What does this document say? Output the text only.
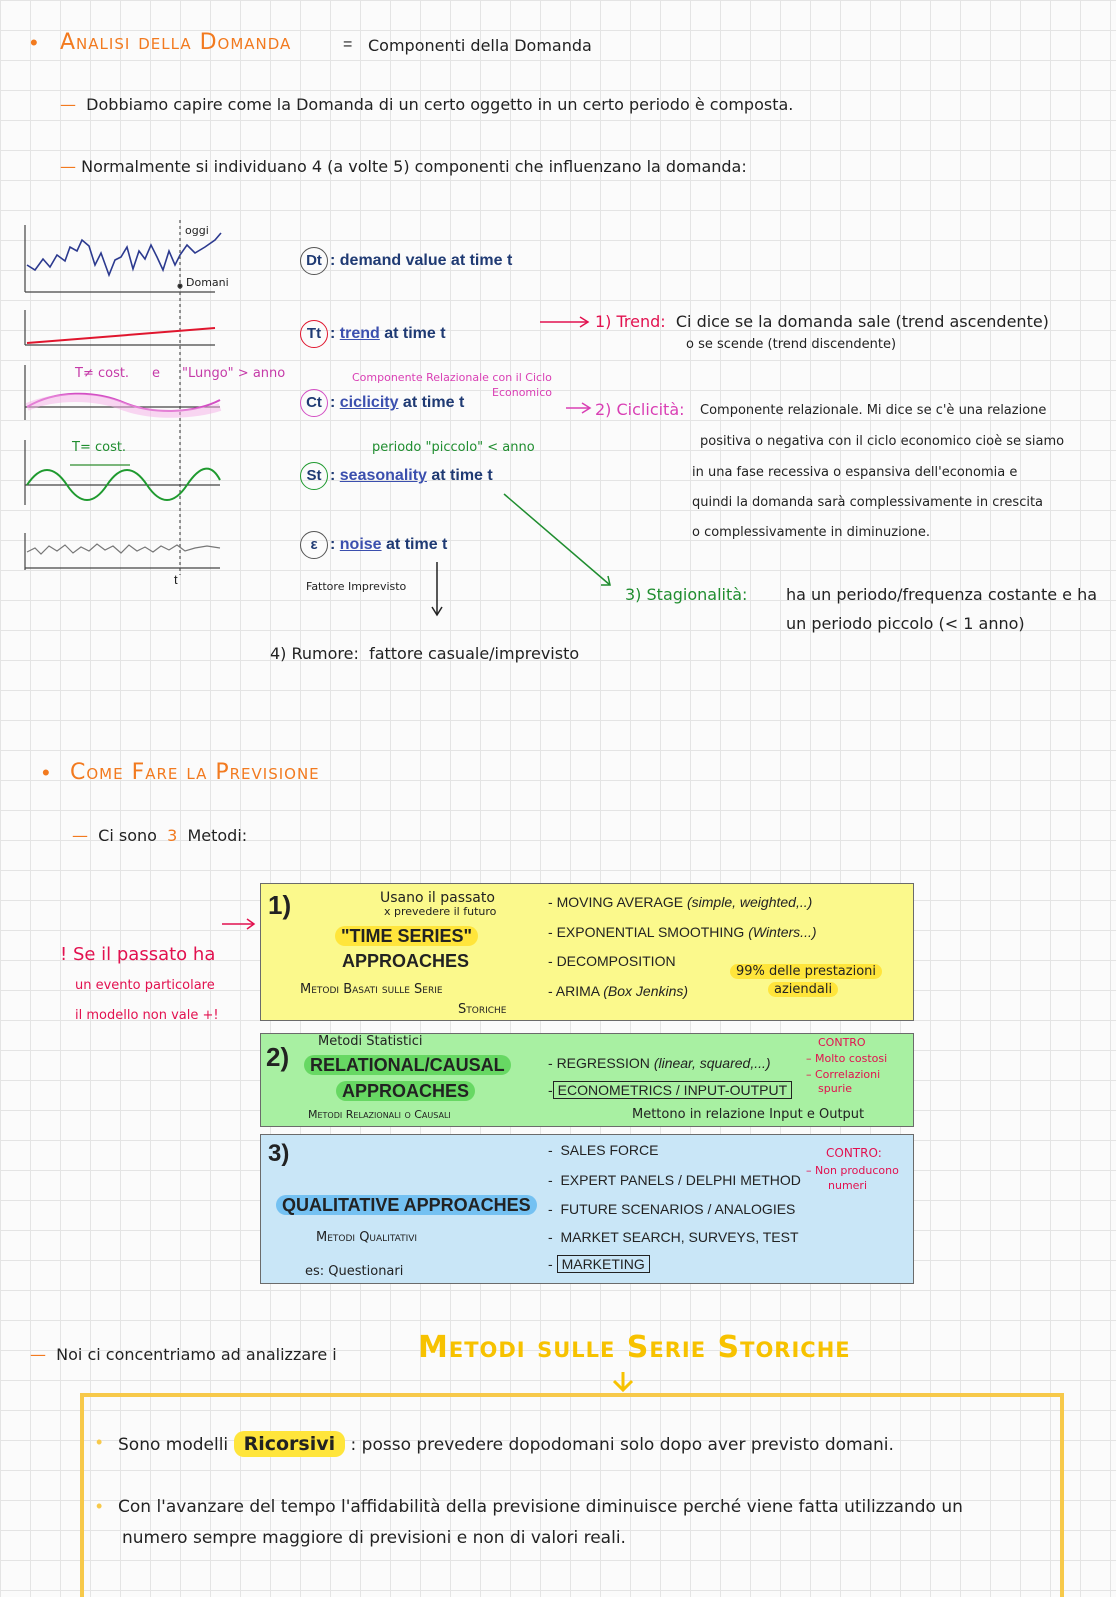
• Analisi della Domanda	= Componenti della Domanda
—  Dobbiamo capire come la Domanda di un certo oggetto in un certo periodo è composta.
— Normalmente si individuano 4 (a volte 5) componenti che influenzano la domanda:
oggi
Domani
T≠ cost. e "Lungo" > anno
T= cost.
t
Dt : demand value at time t
Tt : trend at time t
Componente Relazionale con il Ciclo
Economico
Ct : ciclicity at time t
periodo "piccolo" < anno
St : seasonality at time t
ε : noise at time t
Fattore Imprevisto
1) Trend: Ci dice se la domanda sale (trend ascendente)
o se scende (trend discendente)
2) Ciclicità: Componente relazionale. Mi dice se c'è una relazione
positiva o negativa con il ciclo economico cioè se siamo
in una fase recessiva o espansiva dell'economia e
quindi la domanda sarà complessivamente in crescita
o complessivamente in diminuzione.
3) Stagionalità: ha un periodo/frequenza costante e ha
un periodo piccolo (< 1 anno)
4) Rumore: fattore casuale/imprevisto
• Come Fare la Previsione
—  Ci sono 3 Metodi:
! Se il passato ha
un evento particolare
il modello non vale +!
1)	Usano il passato
x prevedere il futuro
"TIME SERIES"
APPROACHES
Metodi Basati sulle Serie
Storiche
- MOVING AVERAGE (simple, weighted,..)
- EXPONENTIAL SMOOTHING (Winters...)
- DECOMPOSITION
- ARIMA (Box Jenkins)
99% delle prestazioni
aziendali
2)
Metodi Statistici
RELATIONAL/CAUSAL
APPROACHES
Metodi Relazionali o Causali
- REGRESSION (linear, squared,...)
- ECONOMETRICS / INPUT-OUTPUT
Mettono in relazione Input e Output
CONTRO
– Molto costosi
– Correlazioni
spurie
3)
QUALITATIVE APPROACHES
Metodi Qualitativi
es: Questionari
-  SALES FORCE
-  EXPERT PANELS / DELPHI METHOD
-  FUTURE SCENARIOS / ANALOGIES
-  MARKET SEARCH, SURVEYS, TEST
- MARKETING
CONTRO:
– Non producono
numeri
—  Noi ci concentriamo ad analizzare i	Metodi sulle Serie Storiche
• Sono modelli Ricorsivi : posso prevedere dopodomani solo dopo aver previsto domani.
• Con l'avanzare del tempo l'affidabilità della previsione diminuisce perché viene fatta utilizzando un
numero sempre maggiore di previsioni e non di valori reali.
